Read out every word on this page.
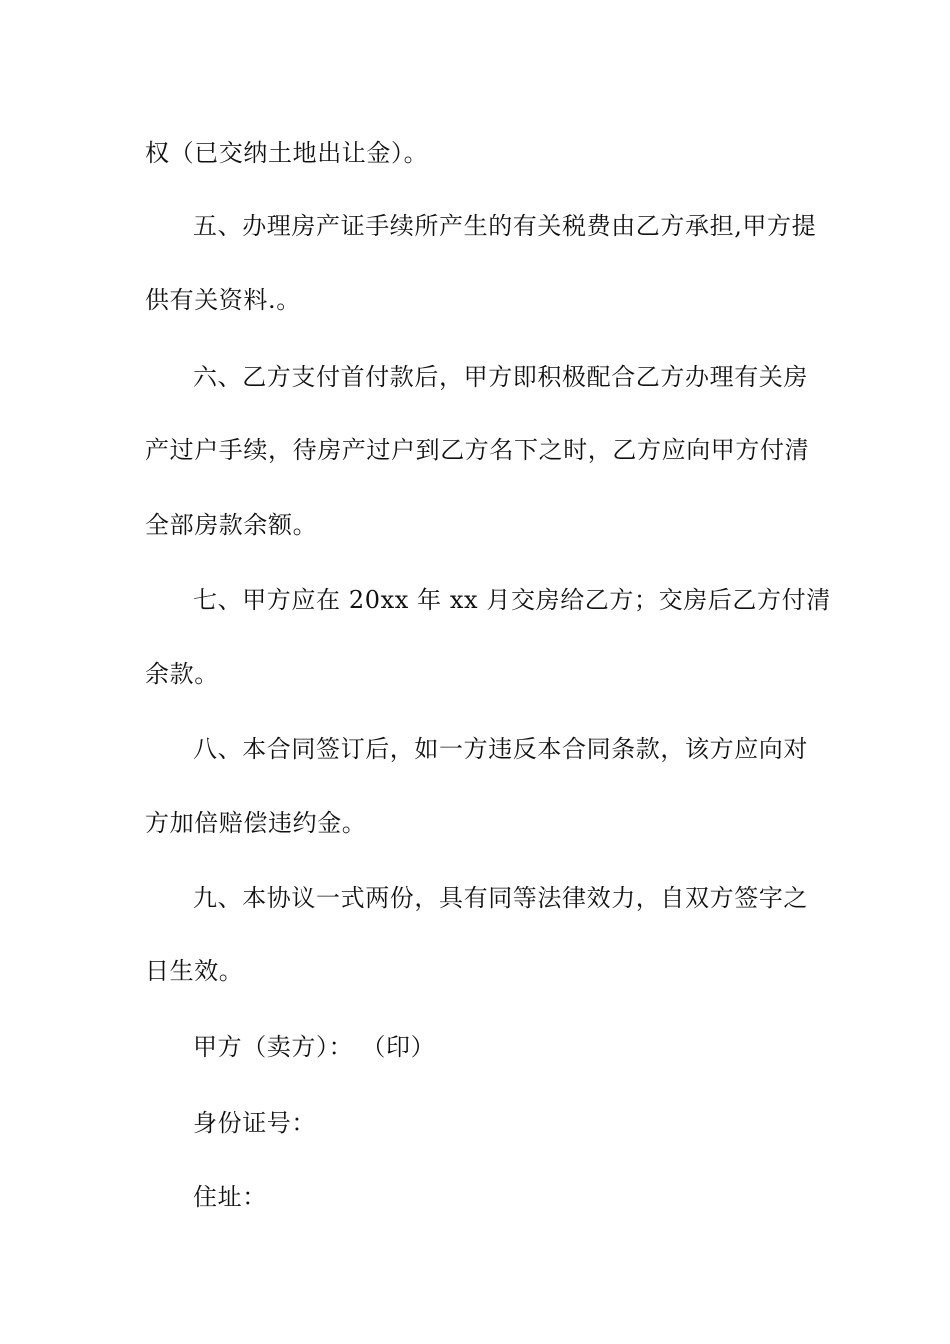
权（已交纳土地出让金）。
五、办理房产证手续所产生的有关税费由乙方承担,甲方提
供有关资料.。
六、乙方支付首付款后，甲方即积极配合乙方办理有关房
产过户手续，待房产过户到乙方名下之时，乙方应向甲方付清
全部房款余额。
七、甲方应在 20xx 年 xx 月交房给乙方；交房后乙方付清
余款。
八、本合同签订后，如一方违反本合同条款，该方应向对
方加倍赔偿违约金。
九、本协议一式两份，具有同等法律效力，自双方签字之
日生效。
甲方（卖方）： （印）
身份证号：
住址：
